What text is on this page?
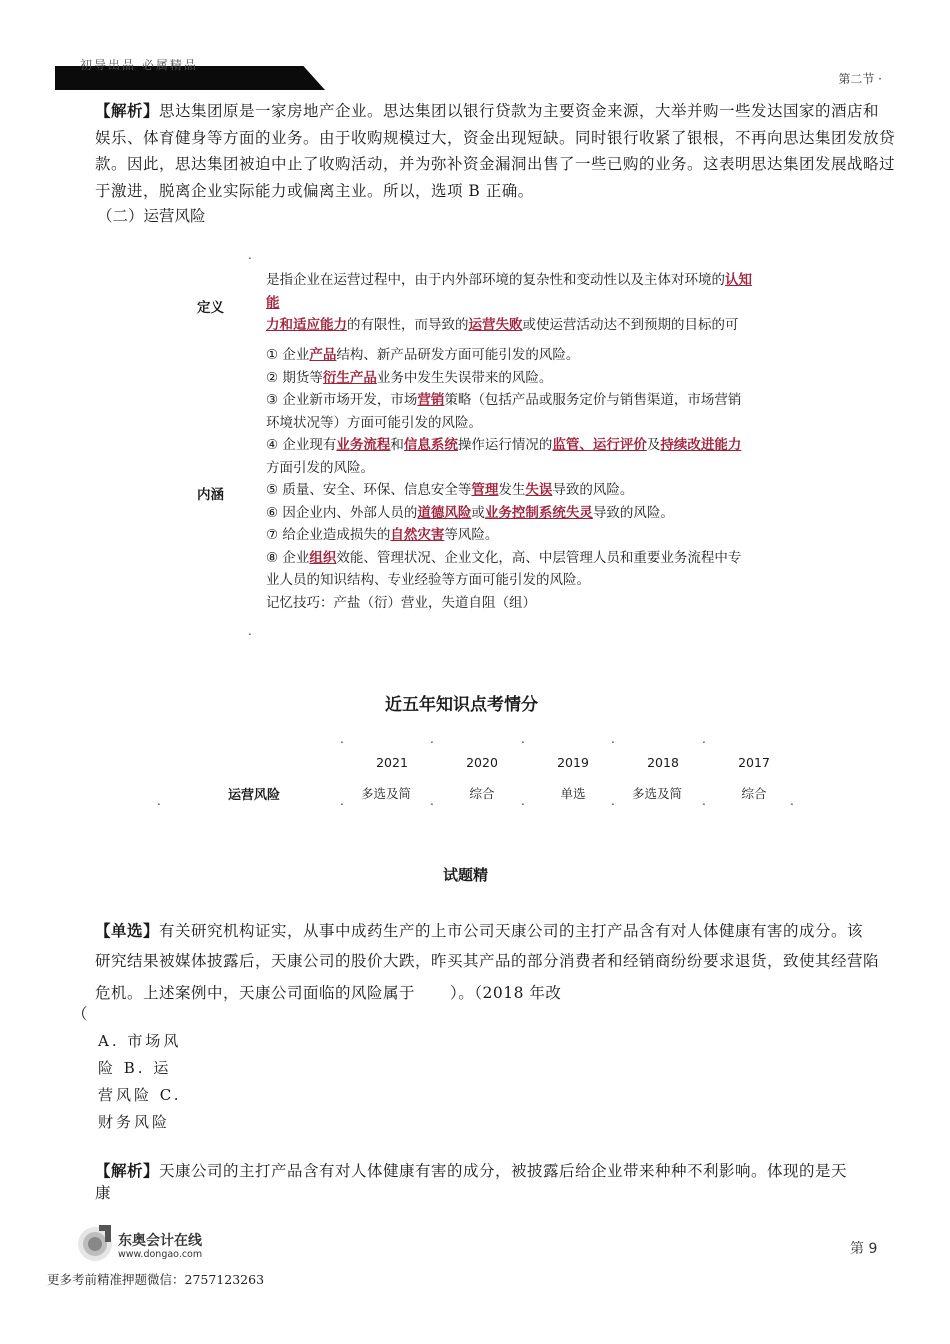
初导出品 必属精品
第二节 ·
【解析】思达集团原是一家房地产企业。思达集团以银行贷款为主要资金来源，大举并购一些发达国家的酒店和娱乐、体育健身等方面的业务。由于收购规模过大，资金出现短缺。同时银行收紧了银根，不再向思达集团发放贷款。因此，思达集团被迫中止了收购活动，并为弥补资金漏洞出售了一些已购的业务。这表明思达集团发展战略过于激进，脱离企业实际能力或偏离主业。所以，选项 B 正确。
（二）运营风险
.
定义
是指企业在运营过程中，由于内外部环境的复杂性和变动性以及主体对环境的认知
能
力和适应能力的有限性，而导致的运营失败或使运营活动达不到预期的目标的可
内涵
① 企业产品结构、新产品研发方面可能引发的风险。
② 期货等衍生产品业务中发生失误带来的风险。
③ 企业新市场开发，市场营销策略（包括产品或服务定价与销售渠道，市场营销
环境状况等）方面可能引发的风险。
④ 企业现有业务流程和信息系统操作运行情况的监管、运行评价及持续改进能力
方面引发的风险。
⑤ 质量、安全、环保、信息安全等管理发生失误导致的风险。
⑥ 因企业内、外部人员的道德风险或业务控制系统失灵导致的风险。
⑦ 给企业造成损失的自然灾害等风险。
⑧ 企业组织效能、管理状况、企业文化，高、中层管理人员和重要业务流程中专
业人员的知识结构、专业经验等方面可能引发的风险。
记忆技巧：产盐（衍）营业，失道自阻（组）
.
近五年知识点考情分
.	.	.	.	.
2021	2020	2019	2018	2017
运营风险	多选及简	综合	单选	多选及简	综合
.	.	.	.	.	.	.
试题精
【单选】有关研究机构证实，从事中成药生产的上市公司天康公司的主打产品含有对人体健康有害的成分。该
研究结果被媒体披露后，天康公司的股价大跌，昨买其产品的部分消费者和经销商纷纷要求退货，致使其经营陷
危机。上述案例中，天康公司面临的风险属于	）。（2018 年改
（
A. 市场风
险 B. 运
营风险 C.
财务风险
【解析】天康公司的主打产品含有对人体健康有害的成分，被披露后给企业带来种种不利影响。体现的是天
康
东奥会计在线
www.dongao.com	第 9
更多考前精准押题微信：2757123263
